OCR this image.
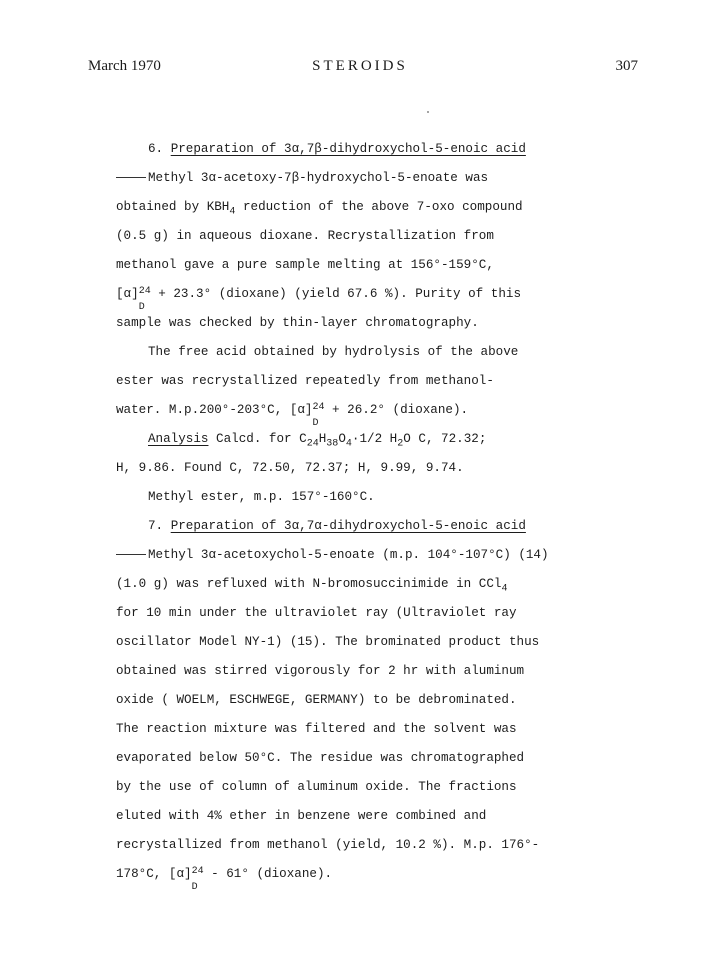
March 1970	STEROIDS	307
6. Preparation of 3α,7β-dihydroxychol-5-enoic acid
Methyl 3α-acetoxy-7β-hydroxychol-5-enoate was
obtained by $KBH_4$ reduction of the above 7-oxo compound
(0.5 g) in aqueous dioxane. Recrystallization from
methanol gave a pure sample melting at 156°-159°C,
[α] 24
D
+ 23.3° (dioxane) (yield 67.6 %). Purity of this
sample was checked by thin-layer chromatography.
The free acid obtained by hydrolysis of the above
ester was recrystallized repeatedly from methanol-
water. M.p.200°-203°C, [α] 24
D
+ 26.2° (dioxane).
Analysis Calcd. for $C_{24}H_{38}O_4\cdot 1/2$ $H_2O$ C, 72.32;
H, 9.86. Found C, 72.50, 72.37; H, 9.99, 9.74.
Methyl ester, m.p. 157°-160°C.
7. Preparation of 3α,7α-dihydroxychol-5-enoic acid
Methyl 3α-acetoxychol-5-enoate (m.p. 104°-107°C) (14)
(1.0 g) was refluxed with N-bromosuccinimide in CCl$_4$
for 10 min under the ultraviolet ray (Ultraviolet ray
oscillator Model NY-1) (15). The brominated product thus
obtained was stirred vigorously for 2 hr with aluminum
oxide ( WOELM, ESCHWEGE, GERMANY) to be debrominated.
The reaction mixture was filtered and the solvent was
evaporated below 50°C. The residue was chromatographed
by the use of column of aluminum oxide. The fractions
eluted with 4% ether in benzene were combined and
recrystallized from methanol (yield, 10.2 %). M.p. 176°-
178°C, [α] 24
D
- 61° (dioxane).
